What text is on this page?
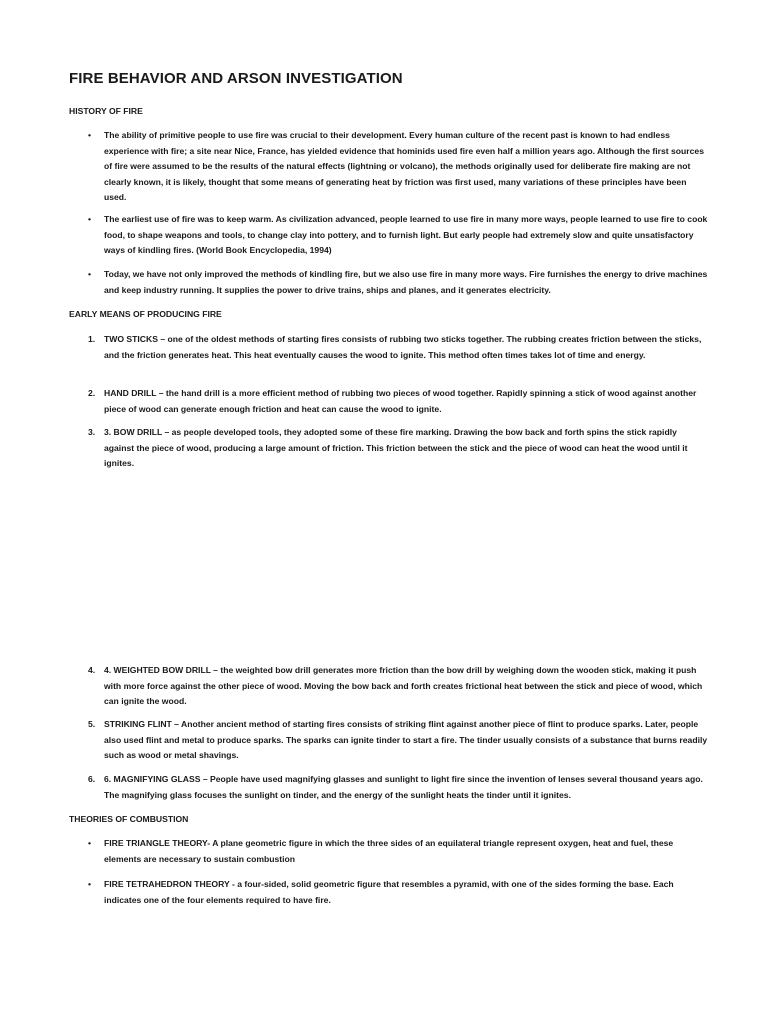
FIRE BEHAVIOR AND ARSON INVESTIGATION
HISTORY OF FIRE
• The ability of primitive people to use fire was crucial to their development. Every human culture of the recent past is known to had endless experience with fire; a site near Nice, France, has yielded evidence that hominids used fire even half a million years ago. Although the first sources of fire were assumed to be the results of the natural effects (lightning or volcano), the methods originally used for deliberate fire making are not clearly known, it is likely, thought that some means of generating heat by friction was first used, many variations of these principles have been used.
• The earliest use of fire was to keep warm. As civilization advanced, people learned to use fire in many more ways, people learned to use fire to cook food, to shape weapons and tools, to change clay into pottery, and to furnish light. But early people had extremely slow and quite unsatisfactory ways of kindling fires. (World Book Encyclopedia, 1994)
• Today, we have not only improved the methods of kindling fire, but we also use fire in many more ways. Fire furnishes the energy to drive machines and keep industry running. It supplies the power to drive trains, ships and planes, and it generates electricity.
EARLY MEANS OF PRODUCING FIRE
1. TWO STICKS – one of the oldest methods of starting fires consists of rubbing two sticks together. The rubbing creates friction between the sticks, and the friction generates heat. This heat eventually causes the wood to ignite. This method often times takes lot of time and energy.
2. HAND DRILL – the hand drill is a more efficient method of rubbing two pieces of wood together. Rapidly spinning a stick of wood against another piece of wood can generate enough friction and heat can cause the wood to ignite.
3. 3. BOW DRILL – as people developed tools, they adopted some of these fire marking. Drawing the bow back and forth spins the stick rapidly against the piece of wood, producing a large amount of friction. This friction between the stick and the piece of wood can heat the wood until it ignites.
4. 4. WEIGHTED BOW DRILL – the weighted bow drill generates more friction than the bow drill by weighing down the wooden stick, making it push with more force against the other piece of wood. Moving the bow back and forth creates frictional heat between the stick and piece of wood, which can ignite the wood.
5. STRIKING FLINT – Another ancient method of starting fires consists of striking flint against another piece of flint to produce sparks. Later, people also used flint and metal to produce sparks. The sparks can ignite tinder to start a fire. The tinder usually consists of a substance that burns readily such as wood or metal shavings.
6. 6. MAGNIFYING GLASS – People have used magnifying glasses and sunlight to light fire since the invention of lenses several thousand years ago. The magnifying glass focuses the sunlight on tinder, and the energy of the sunlight heats the tinder until it ignites.
THEORIES OF COMBUSTION
• FIRE TRIANGLE THEORY- A plane geometric figure in which the three sides of an equilateral triangle represent oxygen, heat and fuel, these elements are necessary to sustain combustion
• FIRE TETRAHEDRON THEORY - a four-sided, solid geometric figure that resembles a pyramid, with one of the sides forming the base. Each indicates one of the four elements required to have fire.
